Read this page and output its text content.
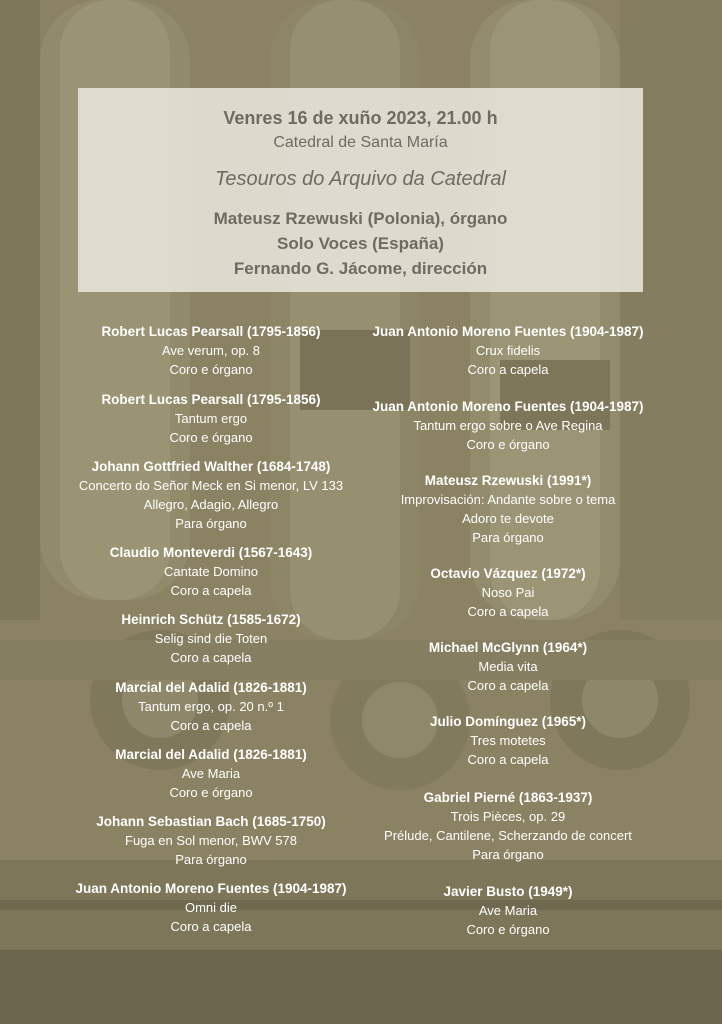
Venres 16 de xuño 2023, 21.00 h
Catedral de Santa María
Tesouros do Arquivo da Catedral
Mateusz Rzewuski (Polonia), órgano
Solo Voces (España)
Fernando G. Jácome, dirección
Robert Lucas Pearsall (1795-1856)
Ave verum, op. 8
Coro e órgano
Robert Lucas Pearsall (1795-1856)
Tantum ergo
Coro e órgano
Johann Gottfried Walther (1684-1748)
Concerto do Señor Meck en Si menor, LV 133
Allegro, Adagio, Allegro
Para órgano
Claudio Monteverdi (1567-1643)
Cantate Domino
Coro a capela
Heinrich Schütz (1585-1672)
Selig sind die Toten
Coro a capela
Marcial del Adalid (1826-1881)
Tantum ergo, op. 20 n.º 1
Coro a capela
Marcial del Adalid (1826-1881)
Ave Maria
Coro e órgano
Johann Sebastian Bach (1685-1750)
Fuga en Sol menor, BWV 578
Para órgano
Juan Antonio Moreno Fuentes (1904-1987)
Omni die
Coro a capela
Juan Antonio Moreno Fuentes (1904-1987)
Crux fidelis
Coro a capela
Juan Antonio Moreno Fuentes (1904-1987)
Tantum ergo sobre o Ave Regina
Coro e órgano
Mateusz Rzewuski (1991*)
Improvisación: Andante sobre o tema
Adoro te devote
Para órgano
Octavio Vázquez (1972*)
Noso Pai
Coro a capela
Michael McGlynn (1964*)
Media vita
Coro a capela
Julio Domínguez (1965*)
Tres motetes
Coro a capela
Gabriel Pierné (1863-1937)
Trois Pièces, op. 29
Prélude, Cantilene, Scherzando de concert
Para órgano
Javier Busto (1949*)
Ave Maria
Coro e órgano
